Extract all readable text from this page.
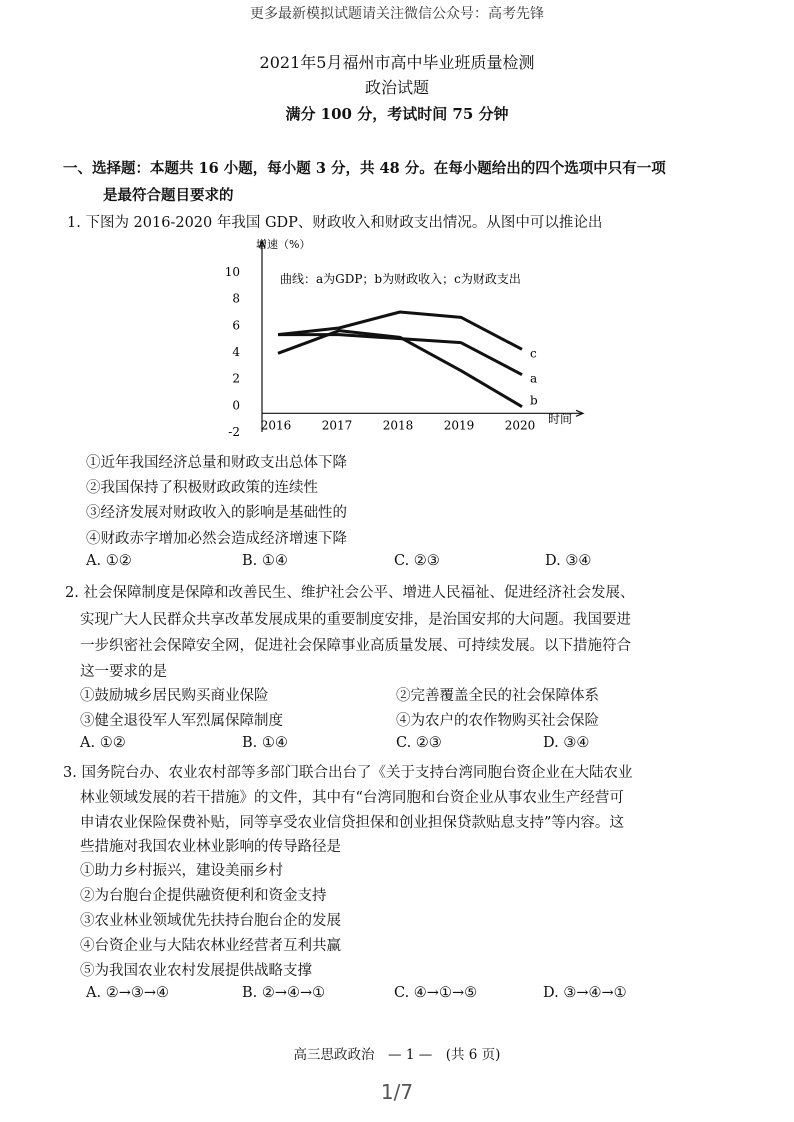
更多最新模拟试题请关注微信公众号：高考先锋
2021年5月福州市高中毕业班质量检测
政治试题
满分 100 分，考试时间 75 分钟
一、选择题：本题共 16 小题，每小题 3 分，共 48 分。在每小题给出的四个选项中只有一项
是最符合题目要求的
1. 下图为 2016-2020 年我国 GDP、财政收入和财政支出情况。从图中可以推论出
10
8
6
4
2
0
-2 2016	2017	2018	2019	2020
a
b
c
增速（%）
时间
曲线：a为GDP；b为财政收入；c为财政支出
①近年我国经济总量和财政支出总体下降
②我国保持了积极财政政策的连续性
③经济发展对财政收入的影响是基础性的
④财政赤字增加必然会造成经济增速下降
A. ①②	B. ①④	C. ②③	D. ③④
2. 社会保障制度是保障和改善民生、维护社会公平、增进人民福祉、促进经济社会发展、
实现广大人民群众共享改革发展成果的重要制度安排，是治国安邦的大问题。我国要进
一步织密社会保障安全网，促进社会保障事业高质量发展、可持续发展。以下措施符合
这一要求的是
①鼓励城乡居民购买商业保险	②完善覆盖全民的社会保障体系
③健全退役军人军烈属保障制度	④为农户的农作物购买社会保险
A. ①②	B. ①④	C. ②③	D. ③④
3. 国务院台办、农业农村部等多部门联合出台了《关于支持台湾同胞台资企业在大陆农业
林业领域发展的若干措施》的文件，其中有“台湾同胞和台资企业从事农业生产经营可
申请农业保险保费补贴，同等享受农业信贷担保和创业担保贷款贴息支持”等内容。这
些措施对我国农业林业影响的传导路径是
①助力乡村振兴，建设美丽乡村
②为台胞台企提供融资便利和资金支持
③农业林业领域优先扶持台胞台企的发展
④台资企业与大陆农林业经营者互利共赢
⑤为我国农业农村发展提供战略支撑
A. ②→③→④	B. ②→④→①	C. ④→①→⑤	D. ③→④→①
高三思政政治　— 1 —　(共 6 页)
1/7
